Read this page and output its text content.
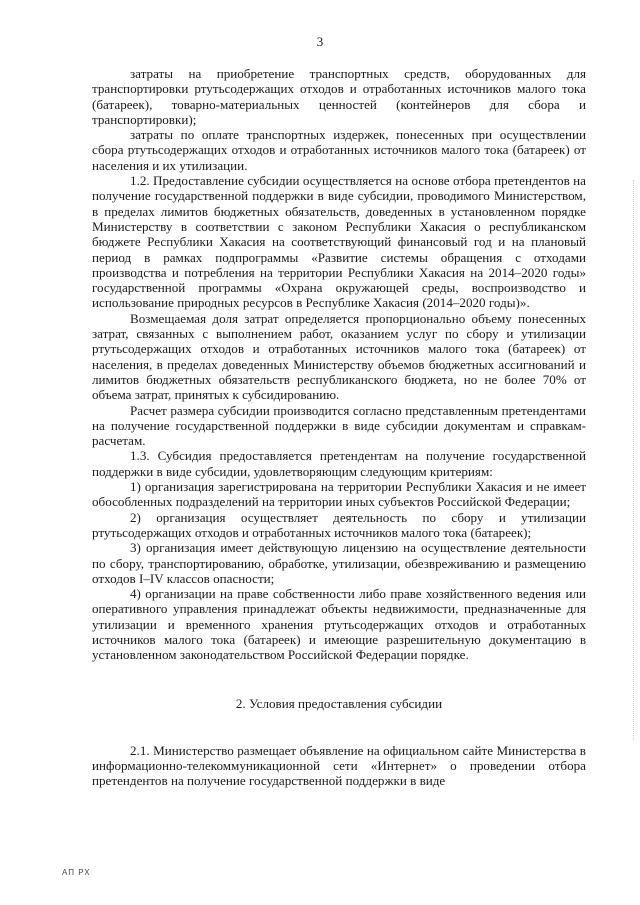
3

затраты на приобретение транспортных средств, оборудованных для транспортировки ртутьсодержащих отходов и отработанных источников малого тока (батареек), товарно-материальных ценностей (контейнеров для сбора и транспортировки);

затраты по оплате транспортных издержек, понесенных при осуществлении сбора ртутьсодержащих отходов и отработанных источников малого тока (батареек) от населения и их утилизации.

1.2. Предоставление субсидии осуществляется на основе отбора претендентов на получение государственной поддержки в виде субсидии, проводимого Министерством, в пределах лимитов бюджетных обязательств, доведенных в установленном порядке Министерству в соответствии с законом Республики Хакасия о республиканском бюджете Республики Хакасия на соответствующий финансовый год и на плановый период в рамках подпрограммы «Развитие системы обращения с отходами производства и потребления на территории Республики Хакасия на 2014–2020 годы» государственной программы «Охрана окружающей среды, воспроизводство и использование природных ресурсов в Республике Хакасия (2014–2020 годы)».

Возмещаемая доля затрат определяется пропорционально объему понесенных затрат, связанных с выполнением работ, оказанием услуг по сбору и утилизации ртутьсодержащих отходов и отработанных источников малого тока (батареек) от населения, в пределах доведенных Министерству объемов бюджетных ассигнований и лимитов бюджетных обязательств республиканского бюджета, но не более 70% от объема затрат, принятых к субсидированию.

Расчет размера субсидии производится согласно представленным претендентами на получение государственной поддержки в виде субсидии документам и справкам-расчетам.

1.3. Субсидия предоставляется претендентам на получение государственной поддержки в виде субсидии, удовлетворяющим следующим критериям:

1) организация зарегистрирована на территории Республики Хакасия и не имеет обособленных подразделений на территории иных субъектов Российской Федерации;

2) организация осуществляет деятельность по сбору и утилизации ртутьсодержащих отходов и отработанных источников малого тока (батареек);

3) организация имеет действующую лицензию на осуществление деятельности по сбору, транспортированию, обработке, утилизации, обезвреживанию и размещению отходов I–IV классов опасности;

4) организации на праве собственности либо праве хозяйственного ведения или оперативного управления принадлежат объекты недвижимости, предназначенные для утилизации и временного хранения ртутьсодержащих отходов и отработанных источников малого тока (батареек) и имеющие разрешительную документацию в установленном законодательством Российской Федерации порядке.

2. Условия предоставления субсидии

2.1. Министерство размещает объявление на официальном сайте Министерства в информационно-телекоммуникационной сети «Интернет» о проведении отбора претендентов на получение государственной поддержки в виде

АП РХ
